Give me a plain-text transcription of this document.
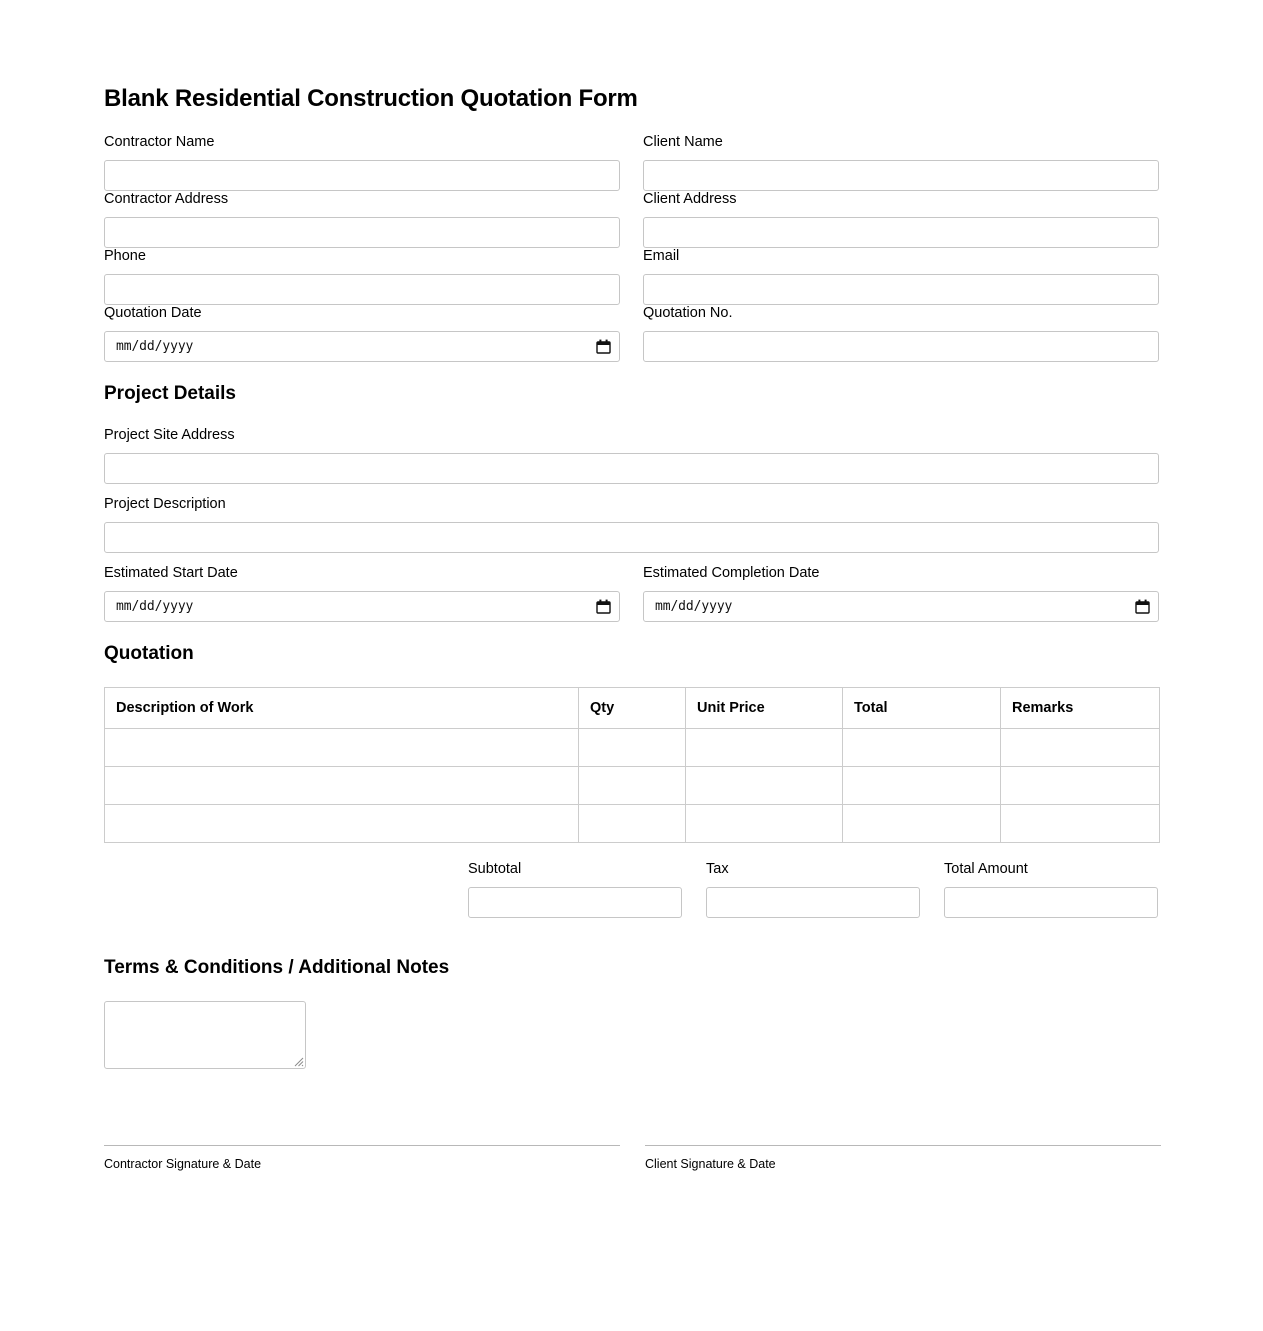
Blank Residential Construction Quotation Form
Contractor Name	Client Name
Contractor Address	Client Address
Phone	Email
Quotation Date
mm/dd/yyyy
Quotation No.
Project Details
Project Site Address
Project Description
Estimated Start Date
mm/dd/yyyy
Estimated Completion Date
mm/dd/yyyy
Quotation
Description of Work	Qty	Unit Price	Total	Remarks

Subtotal	Tax	Total Amount
Terms & Conditions / Additional Notes
Contractor Signature & Date	Client Signature & Date
